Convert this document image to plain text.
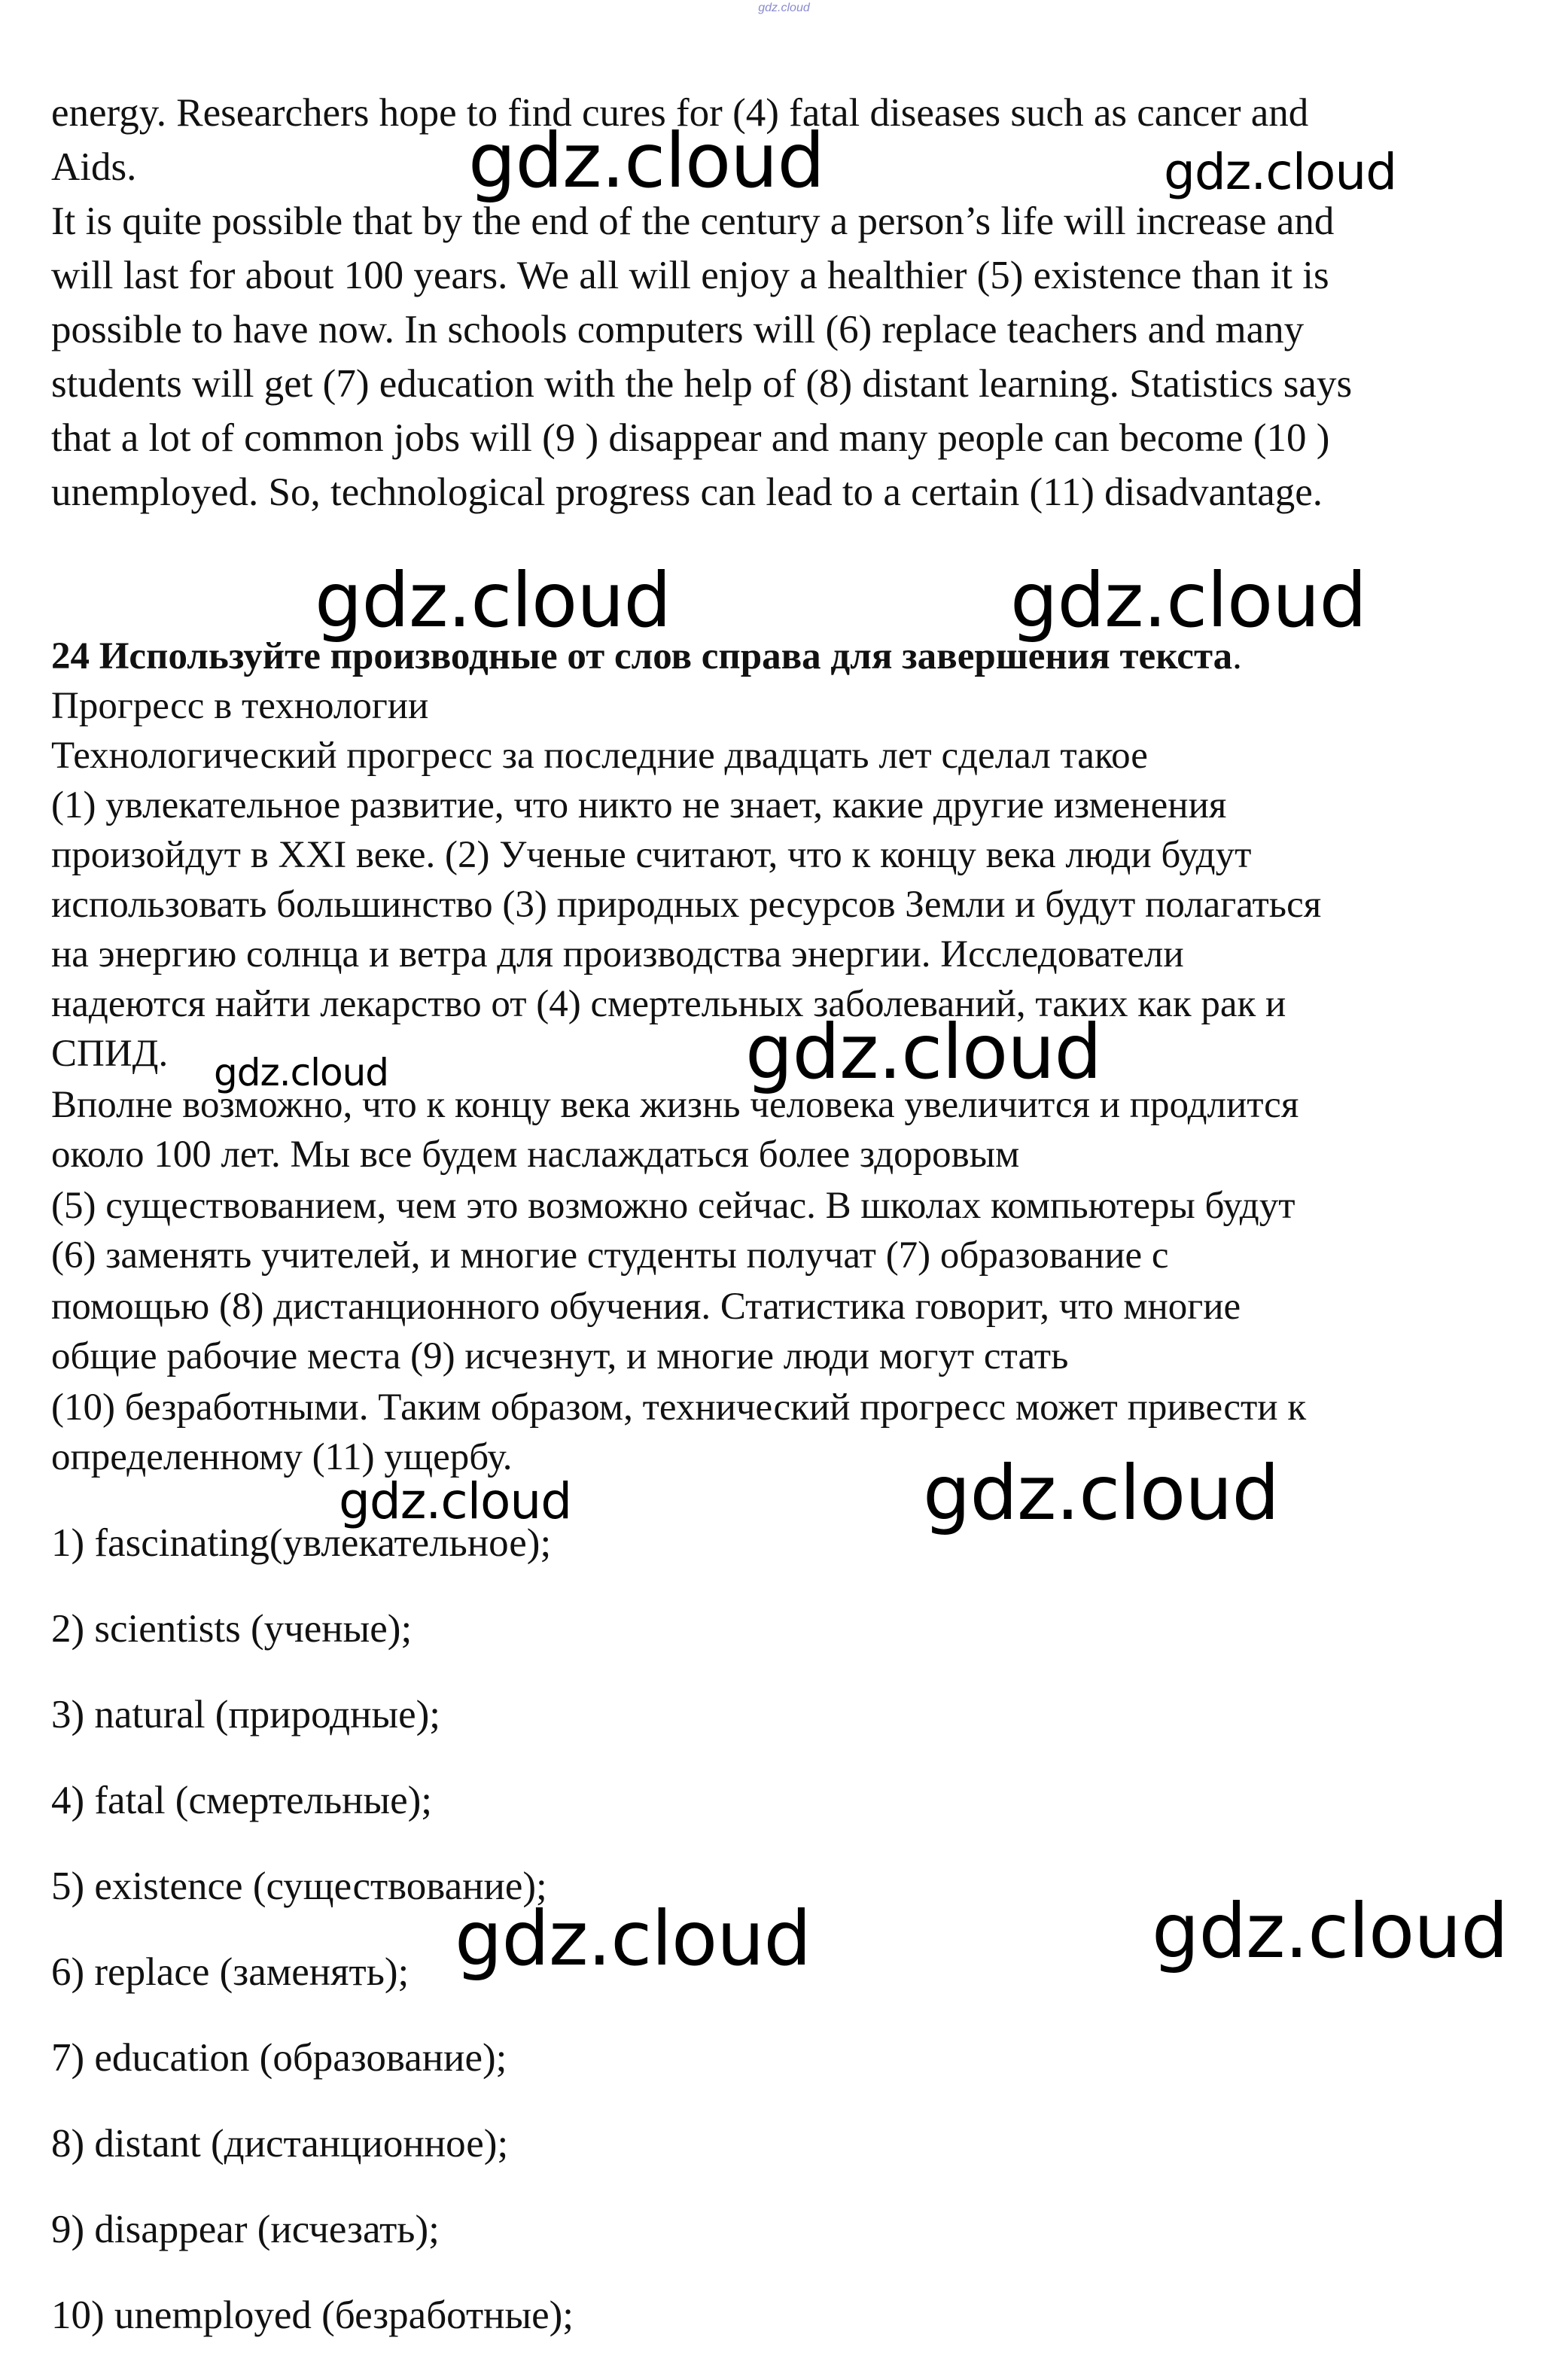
gdz.cloud
energy. Researchers hope to find cures for (4) fatal diseases such as cancer and
Aids.
It is quite possible that by the end of the century a person’s life will increase and
will last for about 100 years. We all will enjoy a healthier (5) existence than it is
possible to have now. In schools computers will (6) replace teachers and many
students will get (7) education with the help of (8) distant learning. Statistics says
that a lot of common jobs will (9 ) disappear and many people can become (10 )
unemployed. So, technological progress can lead to a certain (11) disadvantage.
24 Используйте производные от слов справа для завершения текста.
Прогресс в технологии
Технологический прогресс за последние двадцать лет сделал такое
(1) увлекательное развитие, что никто не знает, какие другие изменения
произойдут в XXI веке. (2) Ученые считают, что к концу века люди будут
использовать большинство (3) природных ресурсов Земли и будут полагаться
на энергию солнца и ветра для производства энергии. Исследователи
надеются найти лекарство от (4) смертельных заболеваний, таких как рак и
СПИД.
Вполне возможно, что к концу века жизнь человека увеличится и продлится
около 100 лет. Мы все будем наслаждаться более здоровым
(5) существованием, чем это возможно сейчас. В школах компьютеры будут
(6) заменять учителей, и многие студенты получат (7) образование с
помощью (8) дистанционного обучения. Статистика говорит, что многие
общие рабочие места (9) исчезнут, и многие люди могут стать
(10) безработными. Таким образом, технический прогресс может привести к
определенному (11) ущербу.
1) fascinating(увлекательное);
2) scientists (ученые);
3) natural (природные);
4) fatal (смертельные);
5) existence (существование);
6) replace (заменять);
7) education (образование);
8) distant (дистанционное);
9) disappear (исчезать);
10) unemployed (безработные);
gdz.cloud	gdz.cloud
gdz.cloud	gdz.cloud
gdz.cloud	gdz.cloud
gdz.cloud	gdz.cloud
gdz.cloud	gdz.cloud
